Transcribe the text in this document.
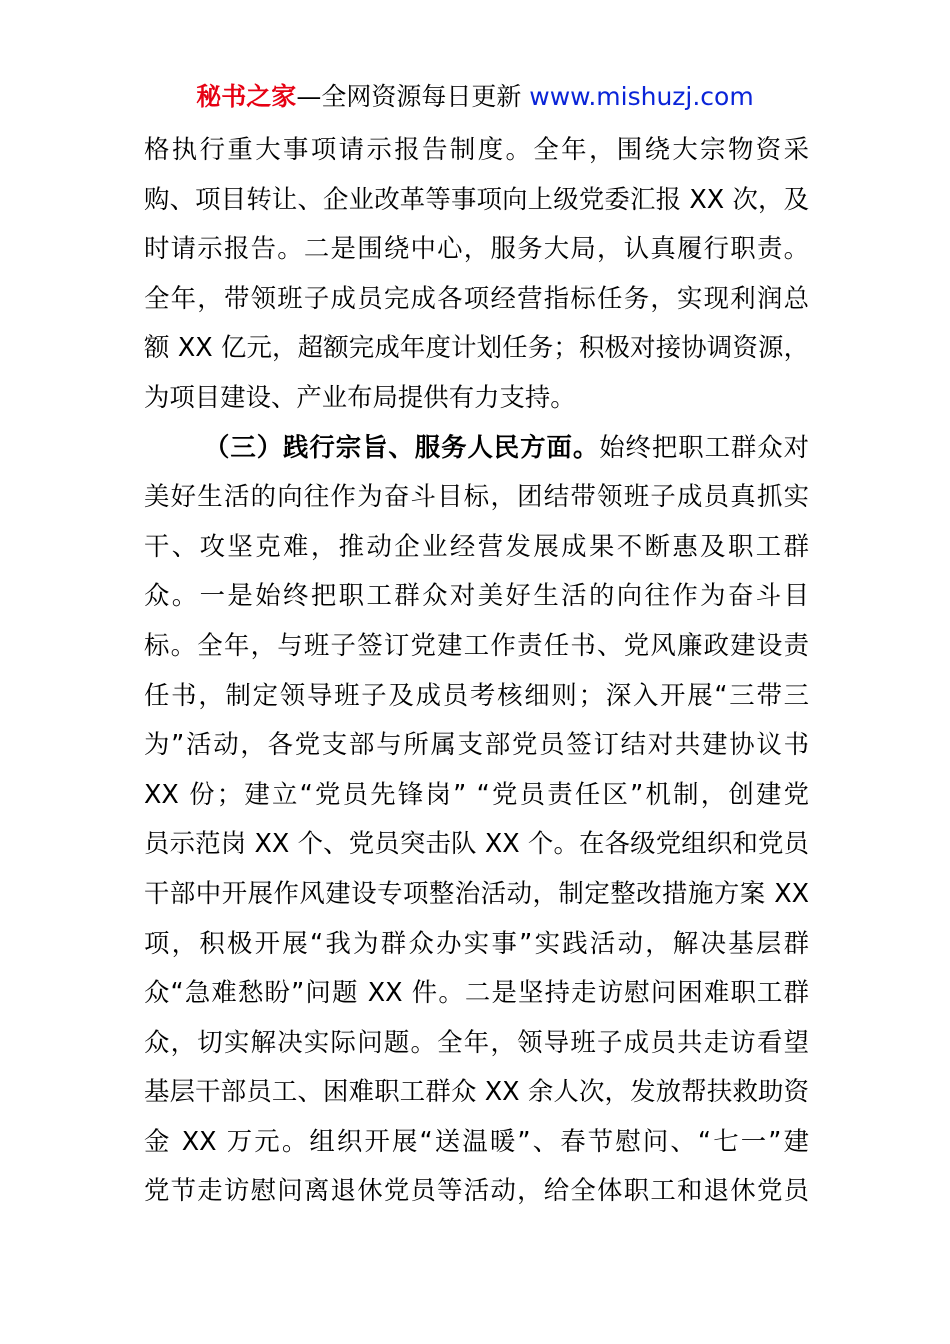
秘书之家—全网资源每日更新 www.mishuzj.com
格执行重大事项请示报告制度。全年，围绕大宗物资采
购、项目转让、企业改革等事项向上级党委汇报 XX 次，及
时请示报告。二是围绕中心，服务大局，认真履行职责。
全年，带领班子成员完成各项经营指标任务，实现利润总
额 XX 亿元，超额完成年度计划任务；积极对接协调资源，
为项目建设、产业布局提供有力支持。
（三）践行宗旨、服务人民方面。始终把职工群众对
美好生活的向往作为奋斗目标，团结带领班子成员真抓实
干、攻坚克难，推动企业经营发展成果不断惠及职工群
众。一是始终把职工群众对美好生活的向往作为奋斗目
标。全年，与班子签订党建工作责任书、党风廉政建设责
任书，制定领导班子及成员考核细则；深入开展“三带三
为”活动，各党支部与所属支部党员签订结对共建协议书
XX 份；建立“党员先锋岗” “党员责任区”机制，创建党
员示范岗 XX 个、党员突击队 XX 个。在各级党组织和党员
干部中开展作风建设专项整治活动，制定整改措施方案 XX
项，积极开展“我为群众办实事”实践活动，解决基层群
众“急难愁盼”问题 XX 件。二是坚持走访慰问困难职工群
众，切实解决实际问题。全年，领导班子成员共走访看望
基层干部员工、困难职工群众 XX 余人次，发放帮扶救助资
金 XX 万元。组织开展“送温暖”、春节慰问、“七一”建
党节走访慰问离退休党员等活动，给全体职工和退休党员
